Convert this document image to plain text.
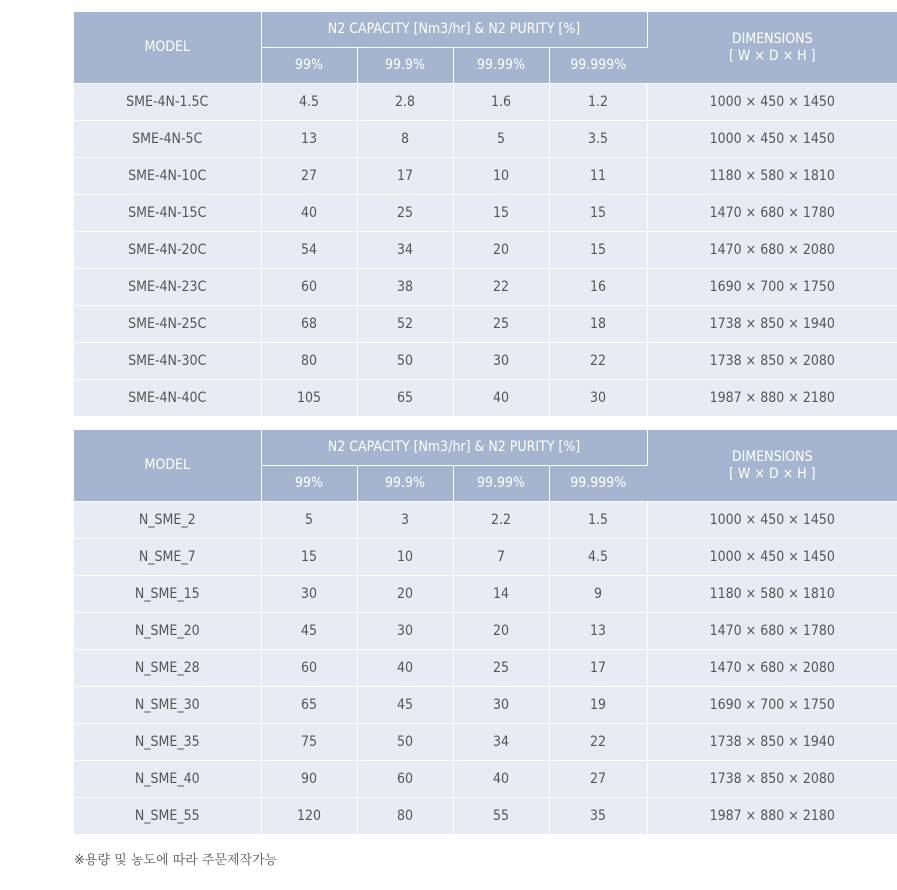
MODEL	N2 CAPACITY [Nm3/hr] & N2 PURITY [%]				DIMENSIONS
[ W × D × H ]

	99%	99.9%	99.99%	99.999%	
SME-4N-1.5C	4.5	2.8	1.6	1.2	1000 × 450 × 1450
SME-4N-5C	13	8	5	3.5	1000 × 450 × 1450
SME-4N-10C	27	17	10	11	1180 × 580 × 1810
SME-4N-15C	40	25	15	15	1470 × 680 × 1780
SME-4N-20C	54	34	20	15	1470 × 680 × 2080
SME-4N-23C	60	38	22	16	1690 × 700 × 1750
SME-4N-25C	68	52	25	18	1738 × 850 × 1940
SME-4N-30C	80	50	30	22	1738 × 850 × 2080
SME-4N-40C	105	65	40	30	1987 × 880 × 2180
MODEL	N2 CAPACITY [Nm3/hr] & N2 PURITY [%]				DIMENSIONS
[ W × D × H ]

	99%	99.9%	99.99%	99.999%	
N_SME_2	5	3	2.2	1.5	1000 × 450 × 1450
N_SME_7	15	10	7	4.5	1000 × 450 × 1450
N_SME_15	30	20	14	9	1180 × 580 × 1810
N_SME_20	45	30	20	13	1470 × 680 × 1780
N_SME_28	60	40	25	17	1470 × 680 × 2080
N_SME_30	65	45	30	19	1690 × 700 × 1750
N_SME_35	75	50	34	22	1738 × 850 × 1940
N_SME_40	90	60	40	27	1738 × 850 × 2080
N_SME_55	120	80	55	35	1987 × 880 × 2180
※용량 및 농도에 따라 주문제작가능
